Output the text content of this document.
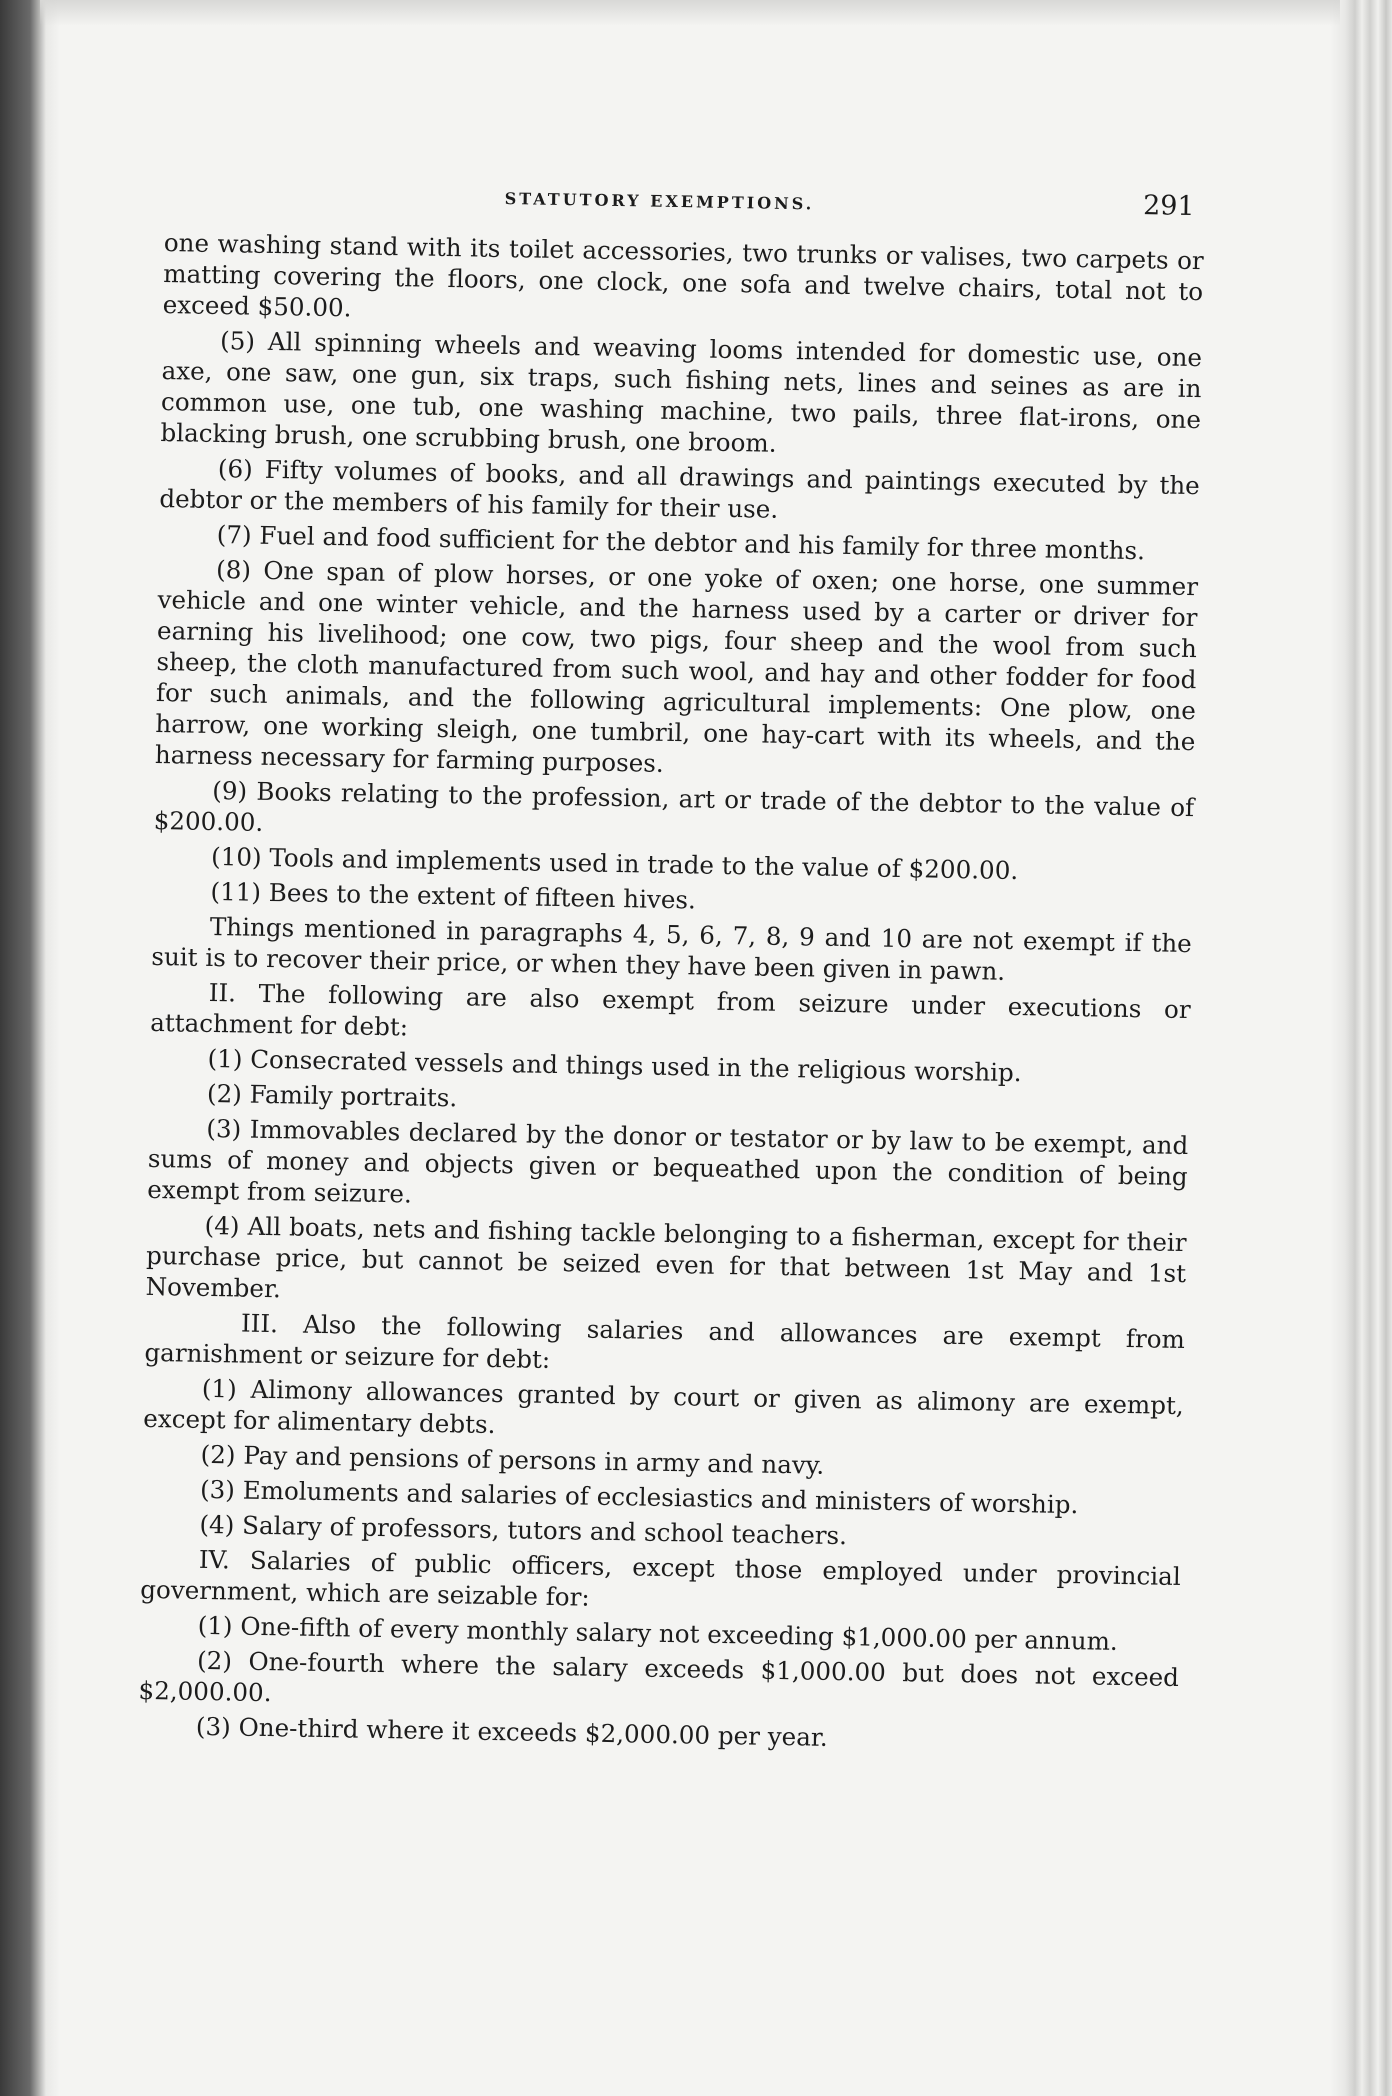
STATUTORY EXEMPTIONS.	291

one washing stand with its toilet accessories, two trunks or valises, two carpets or matting covering the floors, one clock, one sofa and twelve chairs, total not to exceed $50.00.

(5) All spinning wheels and weaving looms intended for domestic use, one axe, one saw, one gun, six traps, such fishing nets, lines and seines as are in common use, one tub, one washing machine, two pails, three flat-irons, one blacking brush, one scrubbing brush, one broom.

(6) Fifty volumes of books, and all drawings and paintings executed by the debtor or the members of his family for their use.

(7) Fuel and food sufficient for the debtor and his family for three months.

(8) One span of plow horses, or one yoke of oxen; one horse, one summer vehicle and one winter vehicle, and the harness used by a carter or driver for earning his livelihood; one cow, two pigs, four sheep and the wool from such sheep, the cloth manufactured from such wool, and hay and other fodder for food for such animals, and the following agricultural implements: One plow, one harrow, one working sleigh, one tumbril, one hay-cart with its wheels, and the harness necessary for farming purposes.

(9) Books relating to the profession, art or trade of the debtor to the value of $200.00.

(10) Tools and implements used in trade to the value of $200.00.

(11) Bees to the extent of fifteen hives.

Things mentioned in paragraphs 4, 5, 6, 7, 8, 9 and 10 are not exempt if the suit is to recover their price, or when they have been given in pawn.

II. The following are also exempt from seizure under executions or attachment for debt:

(1) Consecrated vessels and things used in the religious worship.

(2) Family portraits.

(3) Immovables declared by the donor or testator or by law to be exempt, and sums of money and objects given or bequeathed upon the condition of being exempt from seizure.

(4) All boats, nets and fishing tackle belonging to a fisherman, except for their purchase price, but cannot be seized even for that between 1st May and 1st November.

III. Also the following salaries and allowances are exempt from garnishment or seizure for debt:

(1) Alimony allowances granted by court or given as alimony are exempt, except for alimentary debts.

(2) Pay and pensions of persons in army and navy.

(3) Emoluments and salaries of ecclesiastics and ministers of worship.

(4) Salary of professors, tutors and school teachers.

IV. Salaries of public officers, except those employed under provincial government, which are seizable for:

(1) One-fifth of every monthly salary not exceeding $1,000.00 per annum.

(2) One-fourth where the salary exceeds $1,000.00 but does not exceed $2,000.00.

(3) One-third where it exceeds $2,000.00 per year.
